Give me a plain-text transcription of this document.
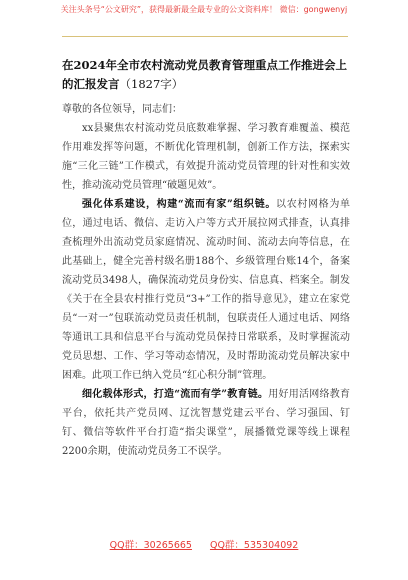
关注头条号“公文研究”，获得最新最全最专业的公文资料库！ 微信：gongwenyj
在2024年全市农村流动党员教育管理重点工作推进会上的汇报发言（1827字）

尊敬的各位领导，同志们：

xx县聚焦农村流动党员底数难掌握、学习教育难覆盖、模范作用难发挥等问题，不断优化管理机制，创新工作方法，探索实施“三化三链”工作模式，有效提升流动党员管理的针对性和实效性，推动流动党员管理“破题见效”。

强化体系建设，构建“流而有家”组织链。以农村网格为单位，通过电话、微信、走访入户等方式开展拉网式排查，认真排查梳理外出流动党员家庭情况、流动时间、流动去向等信息，在此基础上，健全完善村级名册188个、乡级管理台账14个，备案流动党员3498人，确保流动党员身份实、信息真、档案全。制发《关于在全县农村推行党员“3+”工作的指导意见》，建立在家党员“一对一”包联流动党员责任机制，包联责任人通过电话、网络等通讯工具和信息平台与流动党员保持日常联系，及时掌握流动党员思想、工作、学习等动态情况，及时帮助流动党员解决家中困难。此项工作已纳入党员“红心积分制”管理。

细化载体形式，打造“流而有学”教育链。用好用活网络教育平台，依托共产党员网、辽沈智慧党建云平台、学习强国、钉钉、微信等软件平台打造“指尖课堂”，展播微党课等线上课程2200余期，使流动党员务工不误学。

QQ群：30265665 QQ群：535304092
